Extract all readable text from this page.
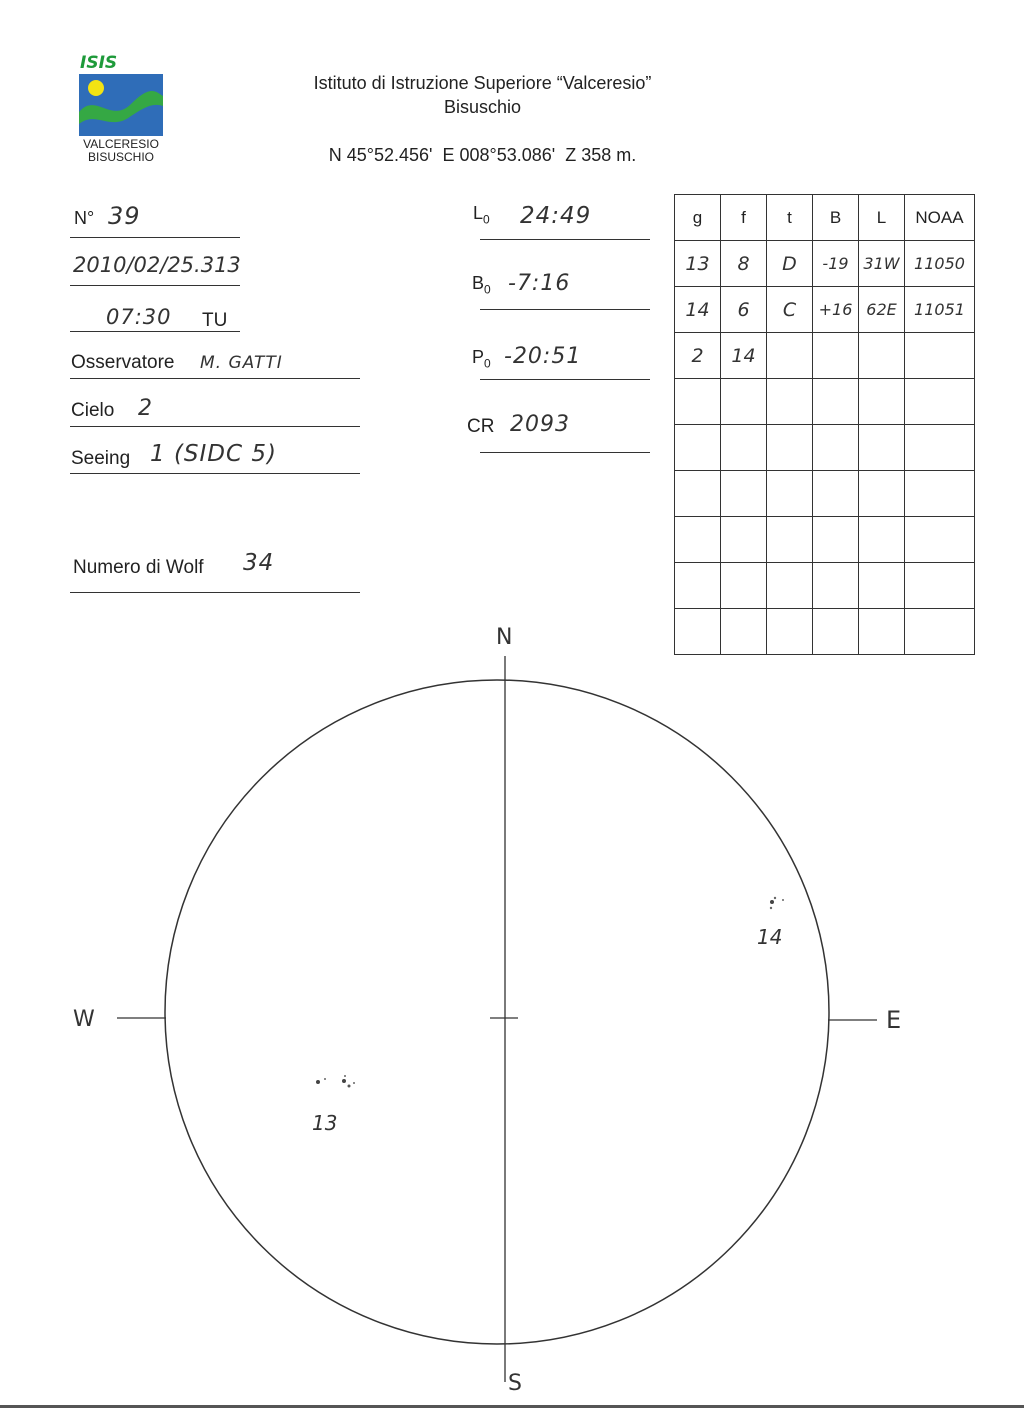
ISIS
VALCERESIO
BISUSCHIO
Istituto di Istruzione Superiore “Valceresio”
Bisuschio
N 45°52.456'  E 008°53.086'  Z 358 m.
N° 39
2010/02/25.313
07:30 TU
Osservatore M. GATTI
Cielo 2
Seeing 1 (SIDC 5)
Numero di Wolf 34
$L_0$ 24:49
$B_0$ -7:16
$P_0$ -20:51
CR 2093
g	f	t	B	L	NOAA
13	8	D	-19	31W	11050
14	6	C	+16	62E	11051
2	14				

N
S
E
W
14
13
